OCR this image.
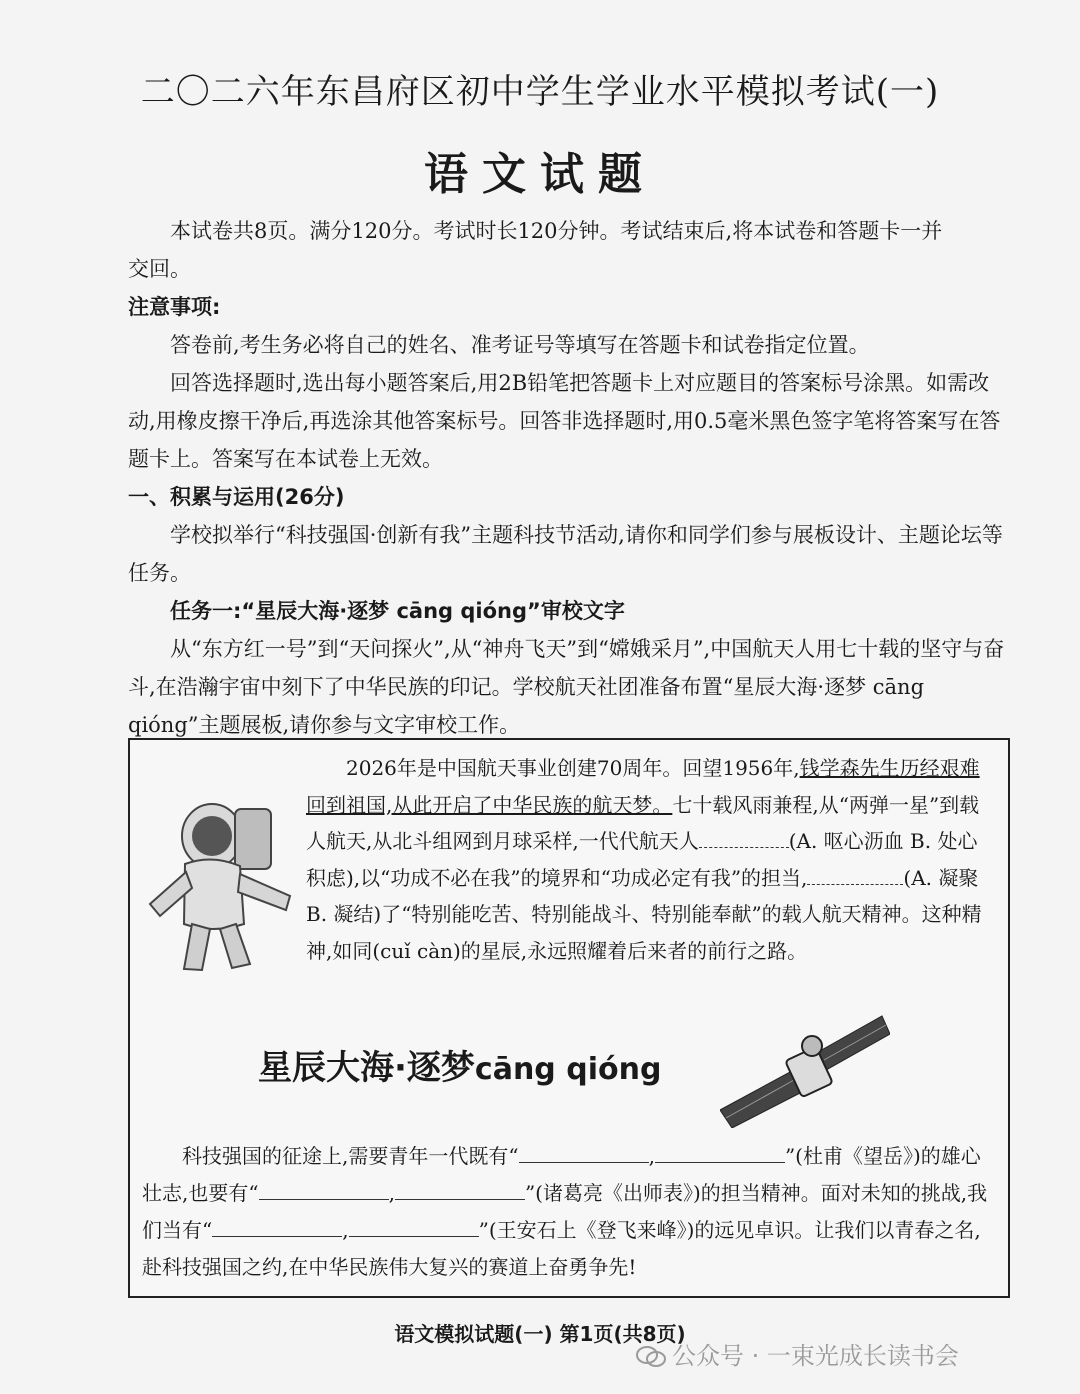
二〇二六年东昌府区初中学生学业水平模拟考试(一)
语文试题

本试卷共8页。满分120分。考试时长120分钟。考试结束后,将本试卷和答题卡一并

交回。

注意事项:

答卷前,考生务必将自己的姓名、准考证号等填写在答题卡和试卷指定位置。

回答选择题时,选出每小题答案后,用2B铅笔把答题卡上对应题目的答案标号涂黑。如需改动,用橡皮擦干净后,再选涂其他答案标号。回答非选择题时,用0.5毫米黑色签字笔将答案写在答题卡上。答案写在本试卷上无效。

一、积累与运用(26分)

学校拟举行“科技强国·创新有我”主题科技节活动,请你和同学们参与展板设计、主题论坛等任务。

任务一:“星辰大海·逐梦 cāng qióng”审校文字

从“东方红一号”到“天问探火”,从“神舟飞天”到“嫦娥采月”,中国航天人用七十载的坚守与奋斗,在浩瀚宇宙中刻下了中华民族的印记。学校航天社团准备布置“星辰大海·逐梦 cāng qióng”主题展板,请你参与文字审校工作。

2026年是中国航天事业创建70周年。回望1956年,钱学森先生历经艰难回到祖国,从此开启了中华民族的航天梦。七十载风雨兼程,从“两弹一星”到载人航天,从北斗组网到月球采样,一代代航天人	(A. 呕心沥血 B. 处心积虑),以“功成不必在我”的境界和“功成必定有我”的担当,	(A. 凝聚 B. 凝结)了“特别能吃苦、特别能战斗、特别能奉献”的载人航天精神。这种精神,如同(cuǐ càn)的星辰,永远照耀着后来者的前行之路。
星辰大海·逐梦cāng qióng
科技强国的征途上,需要青年一代既有“	,	”(杜甫《望岳》)的雄心壮志,也要有“	,	”(诸葛亮《出师表》)的担当精神。面对未知的挑战,我们当有“	,	”(王安石上《登飞来峰》)的远见卓识。让我们以青春之名,赴科技强国之约,在中华民族伟大复兴的赛道上奋勇争先!
语文模拟试题(一) 第1页(共8页)
公众号 · 一束光成长读书会
